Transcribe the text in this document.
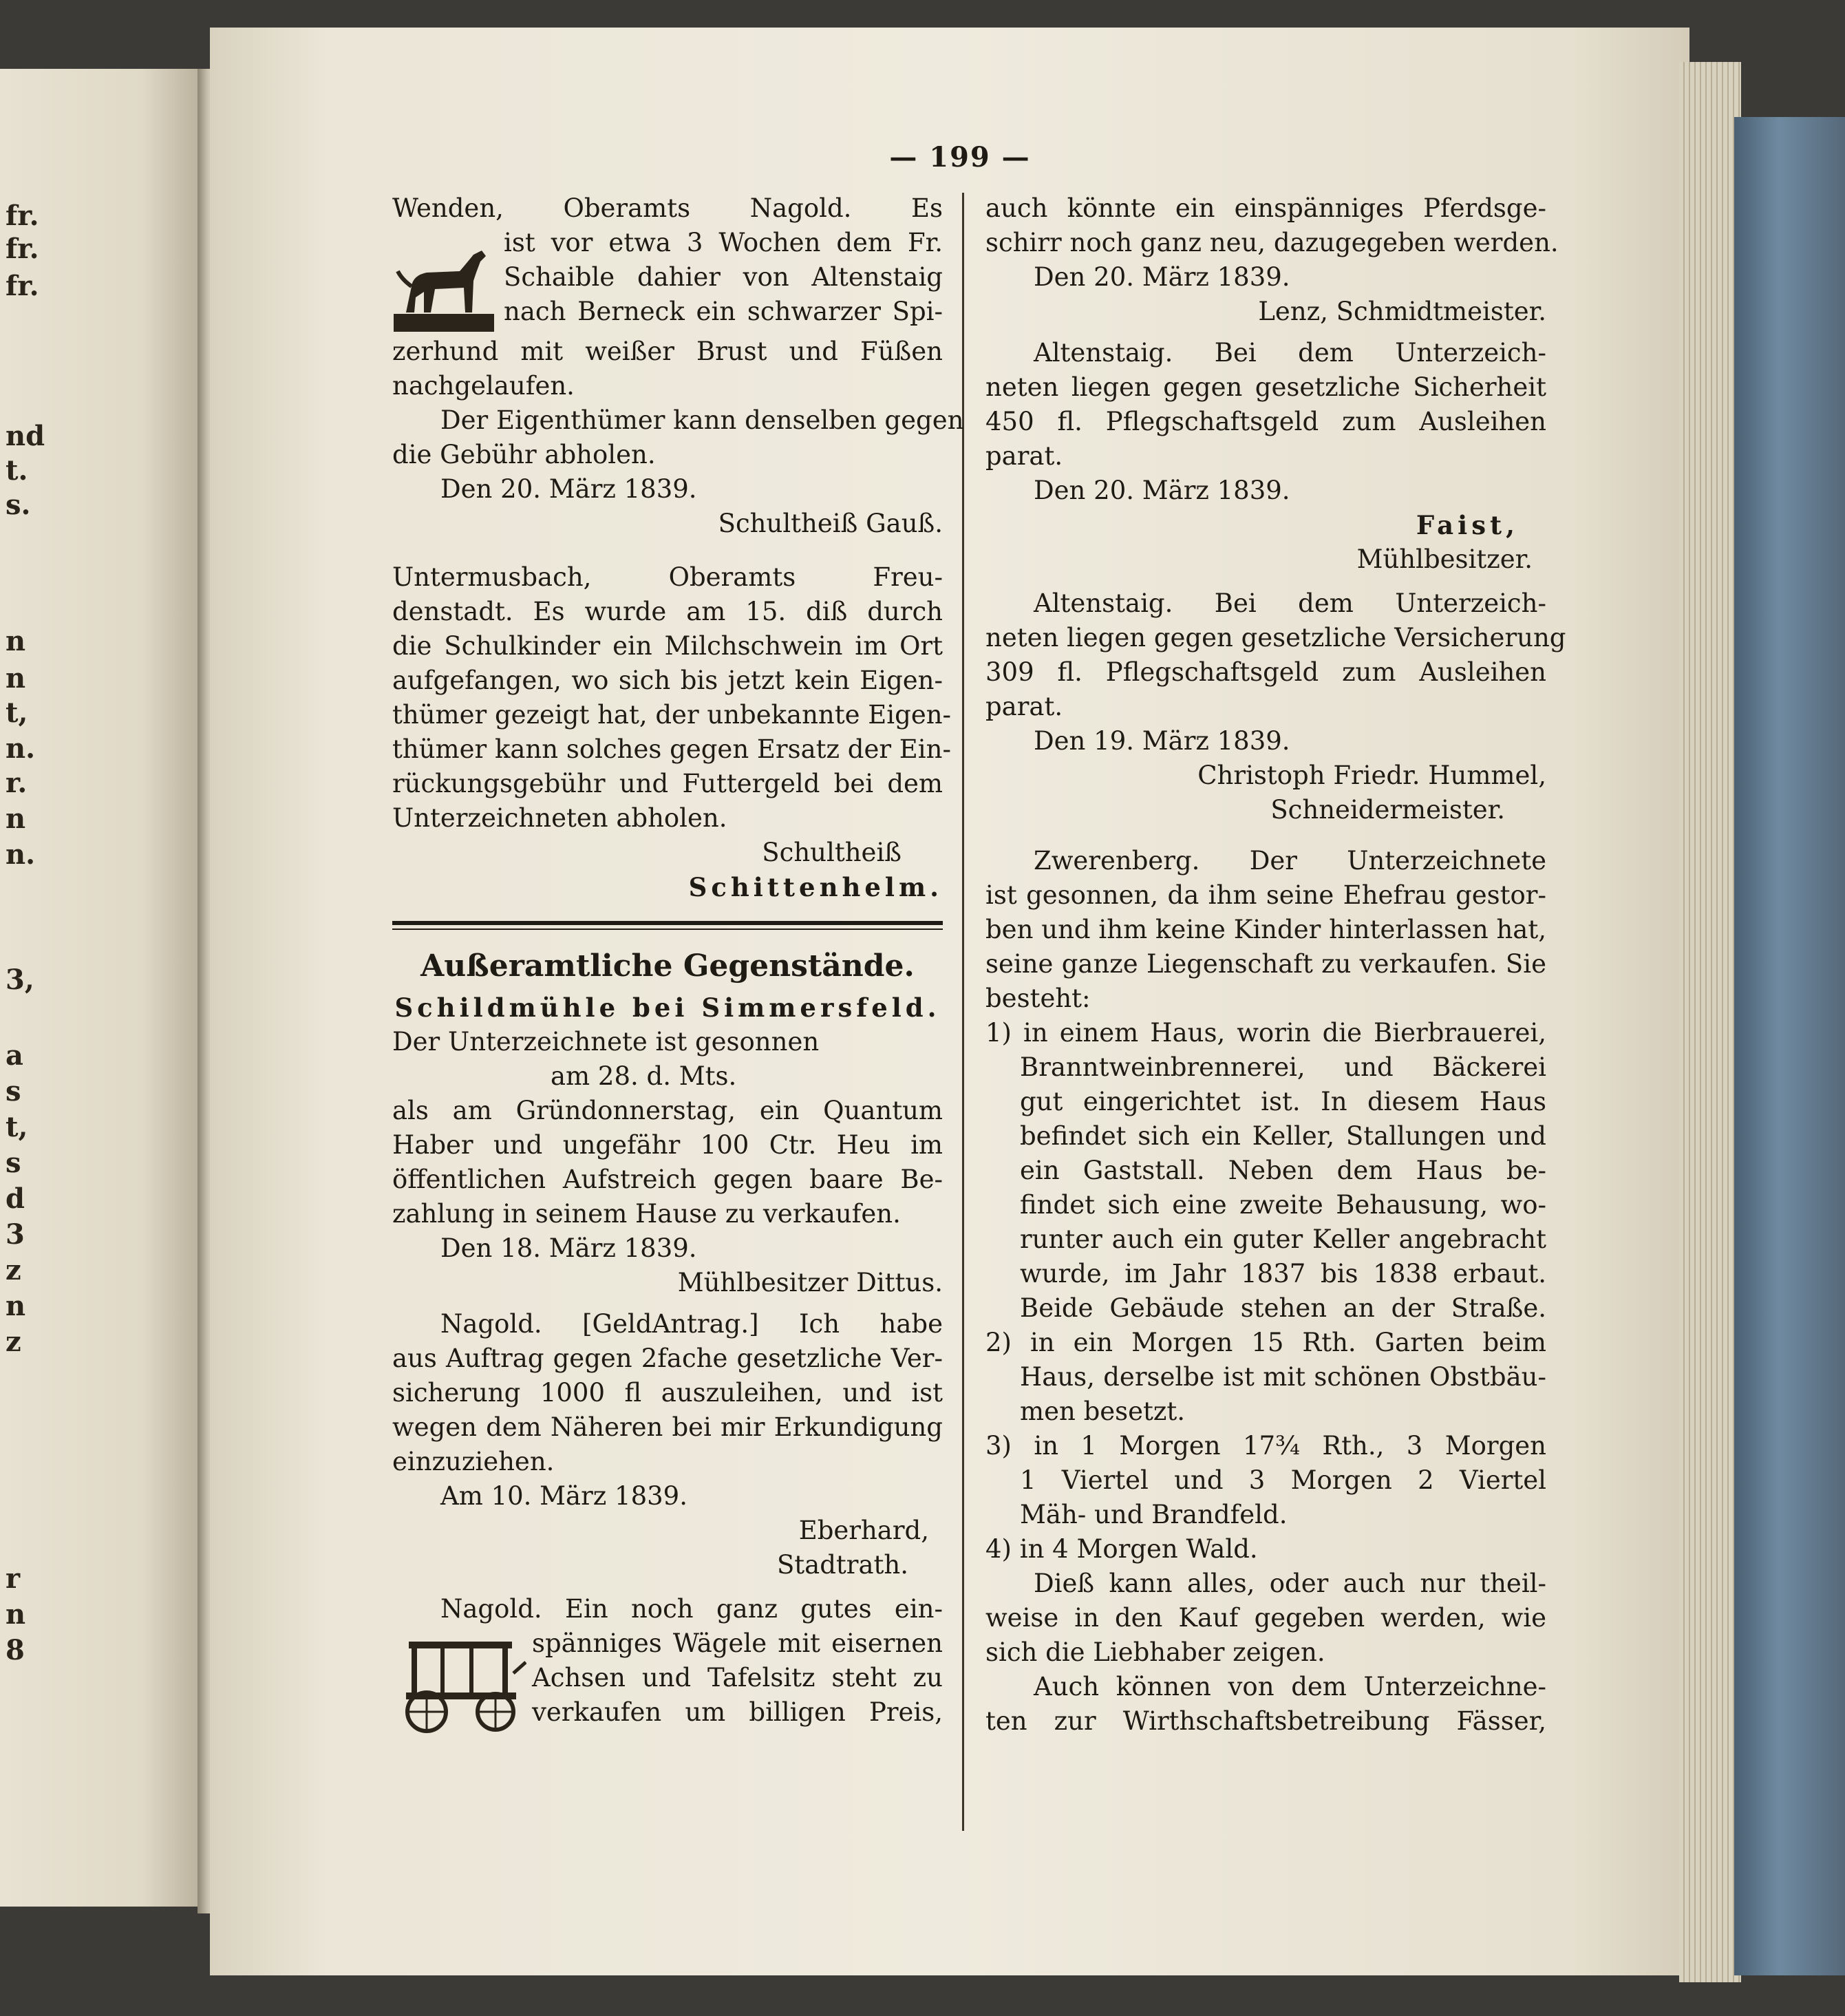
fr.
fr.
fr.
nd
t.
s.
n
n
t,
n.
r.
n
n.
3,
a
s
t,
s
d
3
z
n
z
r
n
8
— 199 —
Wenden, Oberamts Nagold. Es
ist vor etwa 3 Wochen dem Fr.
Schaible dahier von Altenstaig
nach Berneck ein schwarzer Spi-
zerhund mit weißer Brust und Füßen
nachgelaufen.
Der Eigenthümer kann denselben gegen
die Gebühr abholen.
Den 20. März 1839.
Schultheiß Gauß.
Untermusbach, Oberamts Freu-
denstadt. Es wurde am 15. diß durch
die Schulkinder ein Milchschwein im Ort
aufgefangen, wo sich bis jetzt kein Eigen-
thümer gezeigt hat, der unbekannte Eigen-
thümer kann solches gegen Ersatz der Ein-
rückungsgebühr und Futtergeld bei dem
Unterzeichneten abholen.
Schultheiß
Schittenhelm.
Außeramtliche Gegenstände.
Schildmühle bei Simmersfeld.
Der Unterzeichnete ist gesonnen
am 28. d. Mts.
als am Gründonnerstag, ein Quantum
Haber und ungefähr 100 Ctr. Heu im
öffentlichen Aufstreich gegen baare Be-
zahlung in seinem Hause zu verkaufen.
Den 18. März 1839.
Mühlbesitzer Dittus.
Nagold. [GeldAntrag.] Ich habe
aus Auftrag gegen 2fache gesetzliche Ver-
sicherung 1000 fl auszuleihen, und ist
wegen dem Näheren bei mir Erkundigung
einzuziehen.
Am 10. März 1839.
Eberhard,
Stadtrath.
Nagold. Ein noch ganz gutes ein-
spänniges Wägele mit eisernen
Achsen und Tafelsitz steht zu
verkaufen um billigen Preis,
auch könnte ein einspänniges Pferdsge-
schirr noch ganz neu, dazugegeben werden.
Den 20. März 1839.
Lenz, Schmidtmeister.
Altenstaig. Bei dem Unterzeich-
neten liegen gegen gesetzliche Sicherheit
450 fl. Pflegschaftsgeld zum Ausleihen
parat.
Den 20. März 1839.
Faist,
Mühlbesitzer.
Altenstaig. Bei dem Unterzeich-
neten liegen gegen gesetzliche Versicherung
309 fl. Pflegschaftsgeld zum Ausleihen
parat.
Den 19. März 1839.
Christoph Friedr. Hummel,
Schneidermeister.
Zwerenberg. Der Unterzeichnete
ist gesonnen, da ihm seine Ehefrau gestor-
ben und ihm keine Kinder hinterlassen hat,
seine ganze Liegenschaft zu verkaufen. Sie
besteht:
1) in einem Haus, worin die Bierbrauerei,
Branntweinbrennerei, und Bäckerei
gut eingerichtet ist. In diesem Haus
befindet sich ein Keller, Stallungen und
ein Gaststall. Neben dem Haus be-
findet sich eine zweite Behausung, wo-
runter auch ein guter Keller angebracht
wurde, im Jahr 1837 bis 1838 erbaut.
Beide Gebäude stehen an der Straße.
2) in ein Morgen 15 Rth. Garten beim
Haus, derselbe ist mit schönen Obstbäu-
men besetzt.
3) in 1 Morgen 17¾ Rth., 3 Morgen
1 Viertel und 3 Morgen 2 Viertel
Mäh- und Brandfeld.
4) in 4 Morgen Wald.
Dieß kann alles, oder auch nur theil-
weise in den Kauf gegeben werden, wie
sich die Liebhaber zeigen.
Auch können von dem Unterzeichne-
ten zur Wirthschaftsbetreibung Fässer,
